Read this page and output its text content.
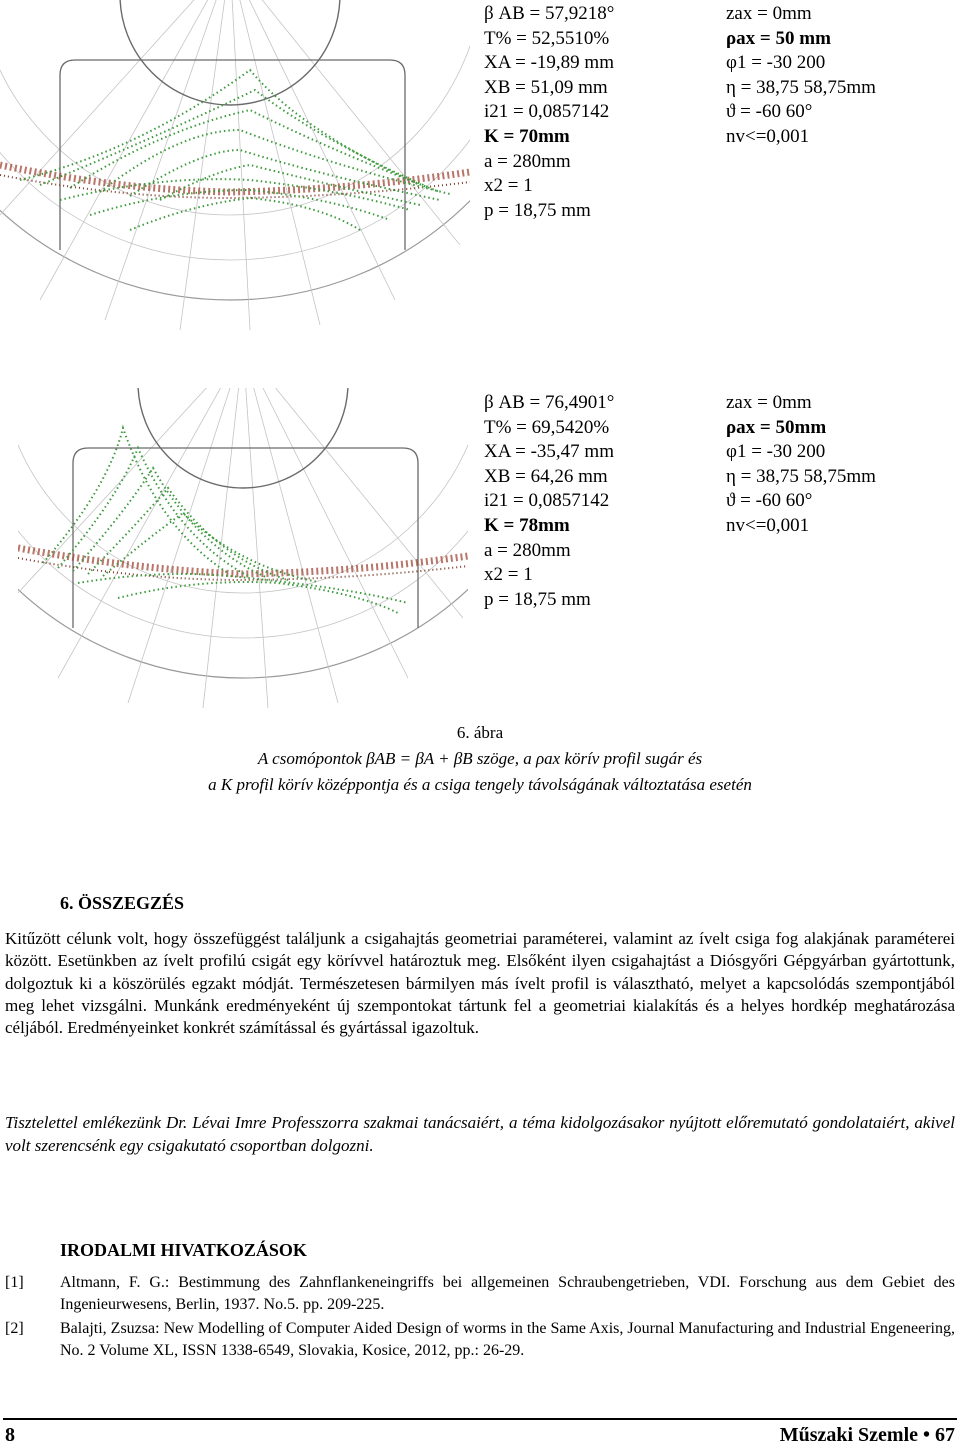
β AB = 57,9218°
T% = 52,5510%
XA = -19,89 mm
XB = 51,09 mm
i21 = 0,0857142
K = 70mm
a = 280mm
x2 = 1
p = 18,75 mm
zax = 0mm
ρax = 50 mm
φ1 = -30 200
η = 38,75 58,75mm
ϑ = -60 60°
nv<=0,001
β AB = 76,4901°
T% = 69,5420%
XA = -35,47 mm
XB = 64,26 mm
i21 = 0,0857142
K = 78mm
a = 280mm
x2 = 1
p = 18,75 mm
zax = 0mm
ρax = 50mm
φ1 = -30 200
η = 38,75 58,75mm
ϑ = -60 60°
nv<=0,001
6. ábra
A csomópontok βAB = βA + βB szöge, a ρax körív profil sugár és
a K profil körív középpontja és a csiga tengely távolságának változtatása esetén
6. ÖSSZEGZÉS
Kitűzött célunk volt, hogy összefüggést találjunk a csigahajtás geometriai paraméterei, valamint az ívelt csiga fog alakjának paraméterei között. Esetünkben az ívelt profilú csigát egy körívvel határoztuk meg. Elsőként ilyen csigahajtást a Diósgyőri Gépgyárban gyártottunk, dolgoztuk ki a köszörülés egzakt módját. Természetesen bármilyen más ívelt profil is választható, melyet a kapcsolódás szempontjából meg lehet vizsgálni. Munkánk eredményeként új szempontokat tártunk fel a geometriai kialakítás és a helyes hordkép meghatározása céljából. Eredményeinket konkrét számítással és gyártással igazoltuk.
Tisztelettel emlékezünk Dr. Lévai Imre Professzorra szakmai tanácsaiért, a téma kidolgozásakor nyújtott előremutató gondolataiért, akivel volt szerencsénk egy csigakutató csoportban dolgozni.
IRODALMI HIVATKOZÁSOK
[1] Altmann, F. G.: Bestimmung des Zahnflankeneingriffs bei allgemeinen Schraubengetrieben, VDI. Forschung aus dem Gebiet des Ingenieurwesens, Berlin, 1937. No.5. pp. 209-225.
[2] Balajti, Zsuzsa: New Modelling of Computer Aided Design of worms in the Same Axis, Journal Manufacturing and Industrial Engeneering, No. 2 Volume XL, ISSN 1338-6549, Slovakia, Kosice, 2012, pp.: 26-29.
8	Műszaki Szemle • 67
